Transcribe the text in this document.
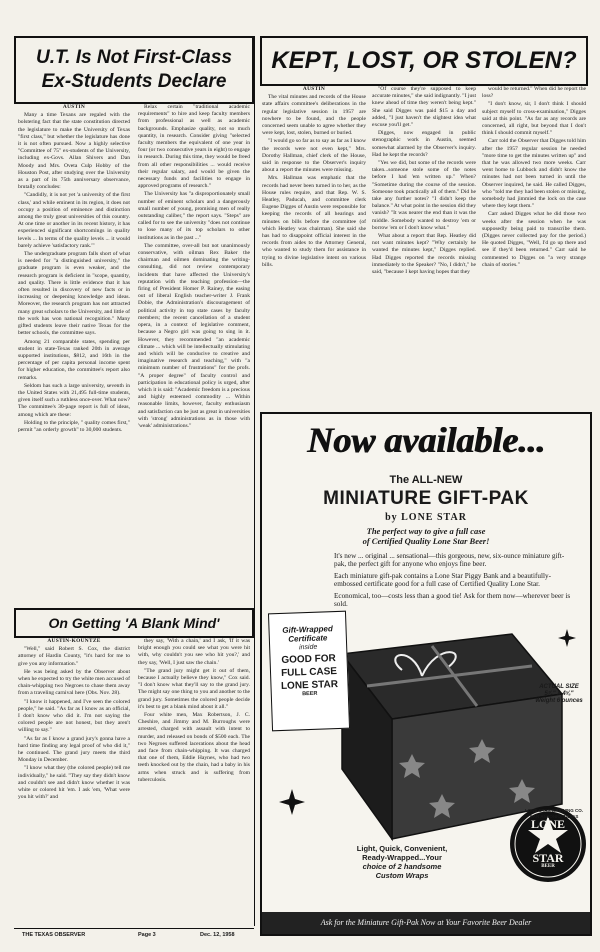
U.T. Is Not First-Class
Ex-Students Declare

AUSTIN

Many a time Texans are regaled with the bolstering fact that the state constitution directed the legislature to make the University of Texas "first class," but whether the legislature has done it is not often pursued. Now a highly selective "Committee of 75" ex-students of the University, including ex-Govs. Allan Shivers and Dan Moody and Mrs. Oveta Culp Hobby of the Houston Post, after studying over the University as a part of its 75th anniversary observance, brutally concludes:

"Candidly, it is not yet 'a university of the first class,' and while eminent in its region, it does not occupy a position of eminence and distinction among the truly great universities of this country. At one time or another in its recent history, it has experienced significant shortcomings in quality levels ... In terms of the quality levels ... it would barely achieve 'satisfactory rank.'"

The undergraduate program falls short of what is needed for "a distinguished university," the graduate program is even weaker, and the research program is deficient in "scope, quantity, and quality. There is little evidence that it has often resulted in discovery of new facts or in increasing or deepening knowledge and ideas. Moreover, the research program has not attracted many great scholars to the University, and little of the work has won national recognition." Many gifted students leave their native Texas for the better schools, the committee says.

Among 21 comparable states, spending per student in state-Texas ranked 20th in average supported institutions, $812, and 16th in the percentage of per capita personal income spent for higher education, the committee's report also remarks.

Seldom has such a large university, seventh in the United States with 21,495 full-time students, given itself such a ruthless once-over. What now? The committee's 30-page report is full of ideas, among which are these:

Holding to the principle, " quality comes first," permit "an orderly growth" to 30,000 students.

Relax certain "traditional academic requirements" to hire and keep faculty members from professional as well as academic backgrounds. Emphasize quality, not so much quantity, in research. Consider giving "selected faculty members the equivalent of one year in four (or two consecutive years in eight) to engage in research. During this time, they would be freed from all other responsibilities ... would receive their regular salary, and would be given the necessary funds and facilities to engage in approved programs of research."

The University has "a disproportionately small number of eminent scholars and a dangerously small number of young, promising men of really outstanding caliber," the report says. "Steps" are called for to see the university "does not continue to lose many of its top scholars to other institutions as in the past ..."

The committee, over-all but not unanimously conservative, with oilman Rex Baker the chairman and oilmen dominating the writing-consulting, did not review contemporary incidents that have affected the University's reputation with the teaching profession—the firing of President Homer P. Rainey, the easing out of liberal English teacher-writer J. Frank Dobie, the Administration's discouragement of political activity in top state cases by faculty members; the recent cancellation of a student opera, in a context of legislative comment, because a Negro girl was going to sing in it. However, they recommended "an academic climate ... which will be intellectually stimulating and which will be conducive to creative and imaginative research and teaching," with "a minimum number of frustrations" for the profs. "A proper degree" of faculty control and participation in educational policy is urged, after which it is said: "Academic freedom is a precious and highly esteemed commodity ... Within reasonable limits, however, faculty enthusiasm and satisfaction can be just as great in universities with 'strong' administrations as in those with 'weak' administrations."

KEPT, LOST, OR STOLEN?

AUSTIN

The vital minutes and records of the House state affairs committee's deliberations in the regular legislative session in 1957 are nowhere to be found, and the people concerned seem unable to agree whether they were kept, lost, stolen, burned or buried.

"I would go so far as to say as far as I know the records were not even kept," Mrs. Dorothy Hallman, chief clerk of the House, said in response to the Observer's inquiry about a report the minutes were missing.

Mrs. Hallman was emphatic that the records had never been turned in to her, as the House rules require, and that Rep. W. S. Heatley, Paducah, and committee clerk Eugene Digges of Austin were responsible for keeping the records of all hearings and minutes on bills before the committee (of which Heatley was chairman). She said she has had to disappoint official interest in the records from aides to the Attorney General, who wanted to study them for assistance in trying to divine legislative intent on various bills.

"Of course they're supposed to keep accurate minutes," she said indignantly. "I just knew ahead of time they weren't being kept." She said Digges was paid $15 a day and added, "I just haven't the slightest idea what excuse you'll get."

Digges, now engaged in public stenographic work in Austin, seemed somewhat alarmed by the Observer's inquiry. Had he kept the records?

"Yes we did, but some of the records were taken...someone stole some of the notes before I had 'em written up." When? "Sometime during the course of the session. Someone took practically all of them." Did he take any further notes? "I didn't keep the balance." At what point in the session did they vanish? "It was nearer the end than it was the middle. Somebody wanted to destroy 'em or borrow 'em or I don't know what."

What about a report that Rep. Heatley did not want minutes kept? "Why certainly he wanted the minutes kept," Digges replied. Had Digges reported the records missing immediately to the Speaker? "No, I didn't," he said, "because I kept having hopes that they

would be returned." When did he report the loss?

"I don't know, sir, I don't think I should subject myself to cross-examination," Digges said at this point. "As far as any records are concerned, all right, but beyond that I don't think I should commit myself."

Carr told the Observer that Digges told him after the 1957 regular session he needed "more time to get the minutes written up" and that he was allowed two more weeks. Carr went home to Lubbock and didn't know the minutes had not been turned in until the Observer inquired, he said. He called Digges, who "told me they had been stolen or missing, somebody had jimmied the lock on the case where they kept them."

Carr asked Digges what he did those two weeks after the session when he was supposedly being paid to transcribe them. (Digges never collected pay for the period.) He quoted Digges, "Well, I'd go up there and see if they'd been returned." Carr said he commented to Digges on "a very strange chain of stories."

On Getting 'A Blank Mind'

AUSTIN-KOUNTZE

"Well," said Robert S. Cox, the district attorney of Hardin County, "it's hard for me to give you any information."

He was being asked by the Observer about when he expected to try the white men accused of chain-whipping two Negroes to chase them away from a traveling carnival here (Obs. Nov. 28).

"I know it happened, and I've seen the colored people," he said. "As far as I know as an official, I don't know who did it. I'm not saying the colored people are not honest, but they aren't willing to say."

"As far as I know a grand jury's gonna have a hard time finding any legal proof of who did it," he continued. The grand jury meets the third Monday in December.

"I know what they (the colored people) tell me individually," he said. "They say they didn't know and couldn't see and didn't know whether it was white or colored hit 'em. I ask 'em, 'What were you hit with?' and

they say, 'With a chain,' and I ask, 'If it was bright enough you could see what you were hit with, why couldn't you see who hit you?,' and they say, 'Well, I just saw the chain.'

"The grand jury might get it out of them, because I actually believe they know," Cox said. "I don't know what they'll say to the grand jury. The might say one thing to you and another to the grand jury. Sometimes the colored people decide it's best to get a blank mind about it all."

Four white men, Max Robertson, J. C. Cheshire, and Jimmy and M. Burroughs were arrested, charged with assault with intent to murder, and released on bonds of $500 each. The two Negroes suffered lacerations about the head and face from chain-whipping. It was charged that one of them, Eddie Haynes, who had two teeth knocked out by the chain, had a baby in his arms when struck and is suffering from tuberculosis.

Now available...
The ALL-NEW
MINIATURE GIFT-PAK
by LONE STAR
The perfect way to give a full case
of Certified Quality Lone Star Beer!

It's new ... original ... sensational—this gorgeous, new, six-ounce miniature gift-pak, the perfect gift for anyone who enjoys fine beer.

Each miniature gift-pak contains a Lone Star Piggy Bank and a beautifully-embossed certificate good for a full case of Certified Quality Lone Star.

Economical, too—costs less than a good tie! Ask for them now—wherever beer is sold.

Gift-Wrapped
Certificate
inside
GOOD FOR
FULL CASE
LONE STAR
BEER
ACTUAL SIZE
5⅞" x 4⅝"
Weight 6 ounces
LONE STAR BREWING CO.
SAN ANTONIO, TEXAS
LONE
STAR
BEER
Light, Quick, Convenient,
Ready-Wrapped...Your
choice of 2 handsome
Custom Wraps
Ask for the Miniature Gift-Pak Now at Your Favorite Beer Dealer
THE TEXAS OBSERVER	Page 3	Dec. 12, 1958
